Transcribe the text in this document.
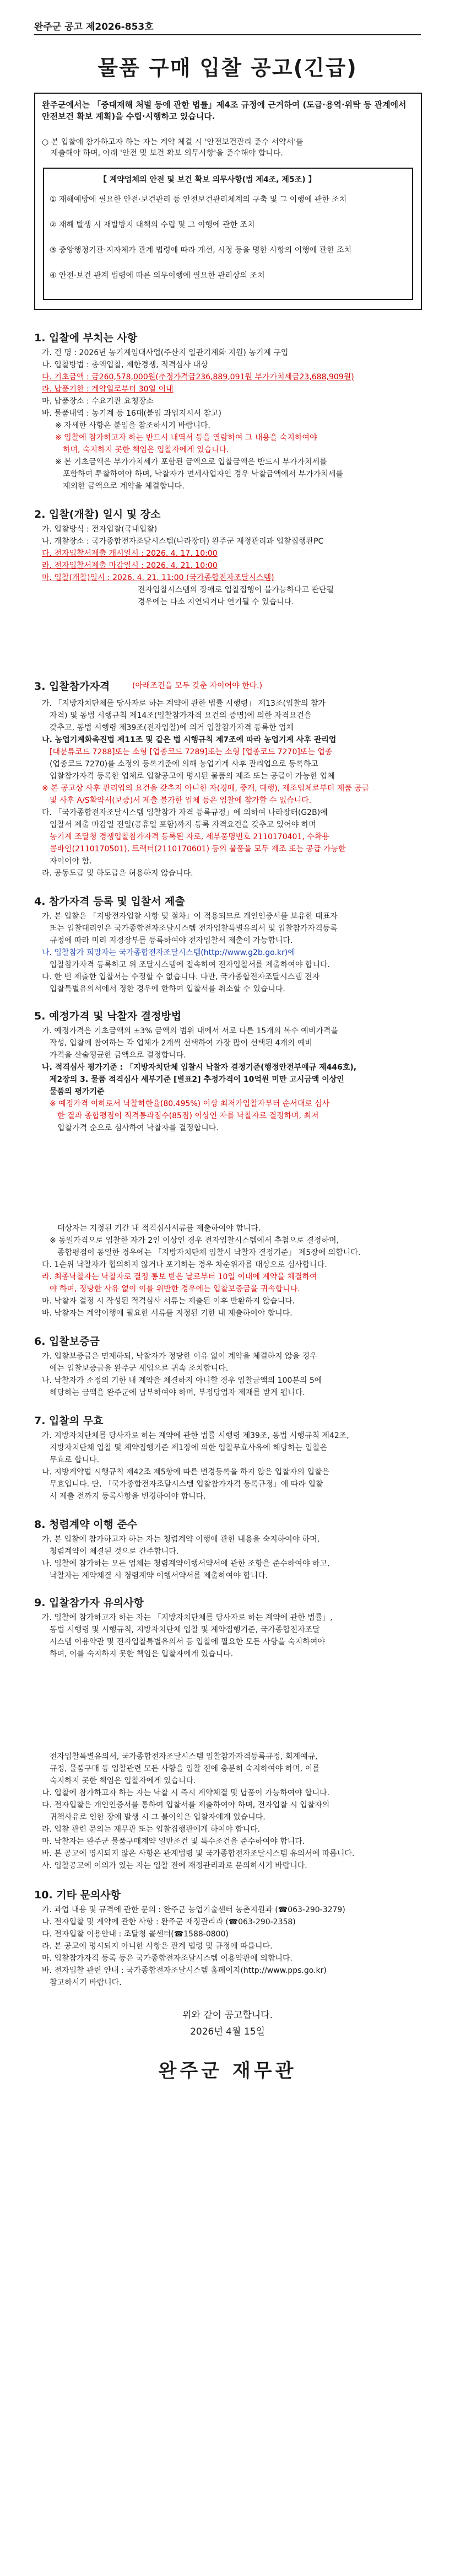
완주군 공고 제2026-853호
물품 구매 입찰 공고(긴급)
완주군에서는 「중대재해 처벌 등에 관한 법률」제4조 규정에 근거하여 (도급·용역·위탁 등 관계에서 안전보건 확보 계획)을 수립·시행하고 있습니다.
○ 본 입찰에 참가하고자 하는 자는 계약 체결 시 '안전보건관리 준수 서약서'를
제출해야 하며, 아래 '안전 및 보건 확보 의무사항'을 준수해야 합니다.
【 계약업체의 안전 및 보건 확보 의무사항(법 제4조, 제5조) 】
① 재해예방에 필요한 안전·보건관리 등 안전보건관리체계의 구축 및 그 이행에 관한 조치
② 재해 발생 시 재발방지 대책의 수립 및 그 이행에 관한 조치
③ 중앙행정기관·지자체가 관계 법령에 따라 개선, 시정 등을 명한 사항의 이행에 관한 조치
④ 안전·보건 관계 법령에 따른 의무이행에 필요한 관리상의 조치
1. 입찰에 부치는 사항
가. 건 명 : 2026년 농기계임대사업(주산지 일관기계화 지원) 농기계 구입
나. 입찰방법 : 총액입찰, 제한경쟁, 적격심사 대상
다. 기초금액 : 금260,578,000원(추정가격금236,889,091원 부가가치세금23,688,909원)
라. 납품기한 : 계약일로부터 30일 이내
마. 납품장소 : 수요기관 요청장소
바. 물품내역 : 농기계 등 16대(붙임 과업지시서 참고)
※ 자세한 사항은 붙임을 참조하시기 바랍니다.
※ 입찰에 참가하고자 하는 반드시 내역서 등을 열람하여 그 내용을 숙지하여야
하며, 숙지하지 못한 책임은 입찰자에게 있습니다.
※ 본 기초금액은 부가가치세가 포함된 금액으로 입찰금액은 반드시 부가가치세를
포함하여 투찰하여야 하며, 낙찰자가 면세사업자인 경우 낙찰금액에서 부가가치세를
제외한 금액으로 계약을 체결합니다.
2. 입찰(개찰) 일시 및 장소
가. 입찰방식 : 전자입찰(국내입찰)
나. 개찰장소 : 국가종합전자조달시스템(나라장터) 완주군 재정관리과 입찰집행관PC
다. 전자입찰서제출 개시일시 : 2026. 4. 17. 10:00
라. 전자입찰서제출 마감일시 : 2026. 4. 21. 10:00
마. 입찰(개찰)일시 : 2026. 4. 21. 11:00 (국가종합전자조달시스템)
전자입찰시스템의 장애로 입찰집행이 불가능하다고 판단될
경우에는 다소 지연되거나 연기될 수 있습니다.
3. 입찰참가자격	(아래조건을 모두 갖춘 자이어야 한다.)
가. 「지방자치단체를 당사자로 하는 계약에 관한 법률 시행령」 제13조(입찰의 참가
자격) 및 동법 시행규칙 제14조(입찰참가자격 요건의 증명)에 의한 자격요건을
갖추고, 동법 시행령 제39조(전자입찰)에 의거 입찰참가자격 등록한 업체
나. 농업기계화촉진법 제11조 및 같은 법 시행규칙 제7조에 따라 농업기계 사후 관리업
[대분류코드 7288]또는 소형 [업종코드 7289]또는 소형 [업종코드 7270]또는 업종
(업종코드 7270)를 소정의 등록기준에 의해 농업기계 사후 관리업으로 등록하고
입찰참가자격 등록한 업체로 입찰공고에 명시된 물품의 제조 또는 공급이 가능한 업체
※ 본 공고상 사후 관리업의 요건을 갖추지 아니한 자(경매, 중개, 대행), 제조업체로부터 제품 공급
및 사후 A/S확약서(보증)서 제출 불가한 업체 등은 입찰에 참가할 수 없습니다.
다. 「국가종합전자조달시스템 입찰참가 자격 등록규정」에 의하여 나라장터(G2B)에
입찰서 제출 마감일 전일(공휴일 포함)까지 등록 자격요건을 갖추고 있어야 하며
농기계 조달청 경쟁입찰참가자격 등록된 자로, 세부품명번호 2110170401, 수확용
콤바인(2110170501), 트랙터(2110170601) 등의 물품을 모두 제조 또는 공급 가능한
자이어야 함.
라. 공동도급 및 하도급은 허용하지 않습니다.
4. 참가자격 등록 및 입찰서 제출
가. 본 입찰은 「지방전자입찰 사항 및 절차」이 적용되므로 개인인증서를 보유한 대표자
또는 입찰대리인은 국가종합전자조달시스템 전자입찰특별유의서 및 입찰참가자격등록
규정에 따라 미리 지정장부를 등록하여야 전자입찰서 제출이 가능합니다.
나. 입찰참가 희망자는 국가종합전자조달시스템(http://www.g2b.go.kr)에
입찰참가자격 등록하고 위 조달시스템에 접속하여 전자입찰서를 제출하여야 합니다.
다. 한 번 제출한 입찰서는 수정할 수 없습니다. 다만, 국가종합전자조달시스템 전자
입찰특별유의서에서 정한 경우에 한하여 입찰서를 취소할 수 있습니다.
5. 예정가격 및 낙찰자 결정방법
가. 예정가격은 기초금액의 ±3% 금액의 범위 내에서 서로 다른 15개의 복수 예비가격을
작성, 입찰에 참여하는 각 업체가 2개씩 선택하여 가장 많이 선택된 4개의 예비
가격을 산술평균한 금액으로 결정합니다.
나. 적격심사 평가기준 : 「지방자치단체 입찰시 낙찰자 결정기준(행정안전부예규 제446호),
제2장의 3. 물품 적격심사 세부기준 [별표2] 추정가격이 10억원 미만 고시금액 이상인
물품의 평가기준
※ 예정가격 이하로서 낙찰하한율(80.495%) 이상 최저가입찰자부터 순서대로 심사
한 결과 종합평점이 적격통과점수(85점) 이상인 자를 낙찰자로 결정하며, 최저
입찰가격 순으로 심사하여 낙찰자를 결정합니다.
대상자는 지정된 기간 내 적격심사서류를 제출하여야 합니다.
※ 동일가격으로 입찰한 자가 2인 이상인 경우 전자입찰시스템에서 추첨으로 결정하며,
종합평점이 동일한 경우에는 「지방자치단체 입찰시 낙찰자 결정기준」 제5장에 의합니다.
다. 1순위 낙찰자가 협의하지 않거나 포기하는 경우 차순위자를 대상으로 심사합니다.
라. 최종낙찰자는 낙찰자로 결정 통보 받은 날로부터 10일 이내에 계약을 체결하여
야 하며, 정당한 사유 없이 이를 위반한 경우에는 입찰보증금을 귀속합니다.
마. 낙찰자 결정 시 작성된 적격심사 서류는 제출된 이후 반환하지 않습니다.
바. 낙찰자는 계약이행에 필요한 서류를 지정된 기한 내 제출하여야 합니다.
6. 입찰보증금
가. 입찰보증금은 면제하되, 낙찰자가 정당한 이유 없이 계약을 체결하지 않을 경우
에는 입찰보증금을 완주군 세입으로 귀속 조치합니다.
나. 낙찰자가 소정의 기한 내 계약을 체결하지 아니할 경우 입찰금액의 100분의 5에
해당하는 금액을 완주군에 납부하여야 하며, 부정당업자 제재를 받게 됩니다.
7. 입찰의 무효
가. 지방자치단체를 당사자로 하는 계약에 관한 법률 시행령 제39조, 동법 시행규칙 제42조,
지방자치단체 입찰 및 계약집행기준 제1장에 의한 입찰무효사유에 해당하는 입찰은
무효로 합니다.
나. 지방계약법 시행규칙 제42조 제5항에 따른 변경등록을 하지 않은 입찰자의 입찰은
무효입니다. 단, 「국가종합전자조달시스템 입찰참가자격 등록규정」에 따라 입찰
서 제출 전까지 등록사항을 변경하여야 합니다.
8. 청렴계약 이행 준수
가. 본 입찰에 참가하고자 하는 자는 청렴계약 이행에 관한 내용을 숙지하여야 하며,
청렴계약이 체결된 것으로 간주합니다.
나. 입찰에 참가하는 모든 업체는 청렴계약이행서약서에 관한 조항을 준수하여야 하고,
낙찰자는 계약체결 시 청렴계약 이행서약서를 제출하여야 합니다.
9. 입찰참가자 유의사항
가. 입찰에 참가하고자 하는 자는 「지방자치단체를 당사자로 하는 계약에 관한 법률」,
동법 시행령 및 시행규칙, 지방자치단체 입찰 및 계약집행기준, 국가종합전자조달
시스템 이용약관 및 전자입찰특별유의서 등 입찰에 필요한 모든 사항을 숙지하여야
하며, 이를 숙지하지 못한 책임은 입찰자에게 있습니다.
전자입찰특별유의서, 국가종합전자조달시스템 입찰참가자격등록규정, 회계예규,
규정, 물품구매 등 입찰관련 모든 사항을 입찰 전에 충분히 숙지하여야 하며, 이를
숙지하지 못한 책임은 입찰자에게 있습니다.
나. 입찰에 참가하고자 하는 자는 낙찰 시 즉시 계약체결 및 납품이 가능하여야 합니다.
다. 전자입찰은 개인인증서를 통하여 입찰서를 제출하여야 하며, 전자입찰 시 입찰자의
귀책사유로 인한 장애 발생 시 그 불이익은 입찰자에게 있습니다.
라. 입찰 관련 문의는 재무관 또는 입찰집행관에게 하여야 합니다.
마. 낙찰자는 완주군 물품구매계약 일반조건 및 특수조건을 준수하여야 합니다.
바. 본 공고에 명시되지 않은 사항은 관계법령 및 국가종합전자조달시스템 유의서에 따릅니다.
사. 입찰공고에 이의가 있는 자는 입찰 전에 재정관리과로 문의하시기 바랍니다.
10. 기타 문의사항
가. 과업 내용 및 규격에 관한 문의 : 완주군 농업기술센터 농촌지원과 (☎063-290-3279)
나. 전자입찰 및 계약에 관한 사항 : 완주군 재정관리과 (☎063-290-2358)
다. 전자입찰 이용안내 : 조달청 콜센터(☎1588-0800)
라. 본 공고에 명시되지 아니한 사항은 관계 법령 및 규정에 따릅니다.
마. 입찰참가자격 등록 등은 국가종합전자조달시스템 이용약관에 의합니다.
바. 전자입찰 관련 안내 : 국가종합전자조달시스템 홈페이지(http://www.pps.go.kr)
참고하시기 바랍니다.
위와 같이 공고합니다.
2026년 4월 15일
완주군 재무관
